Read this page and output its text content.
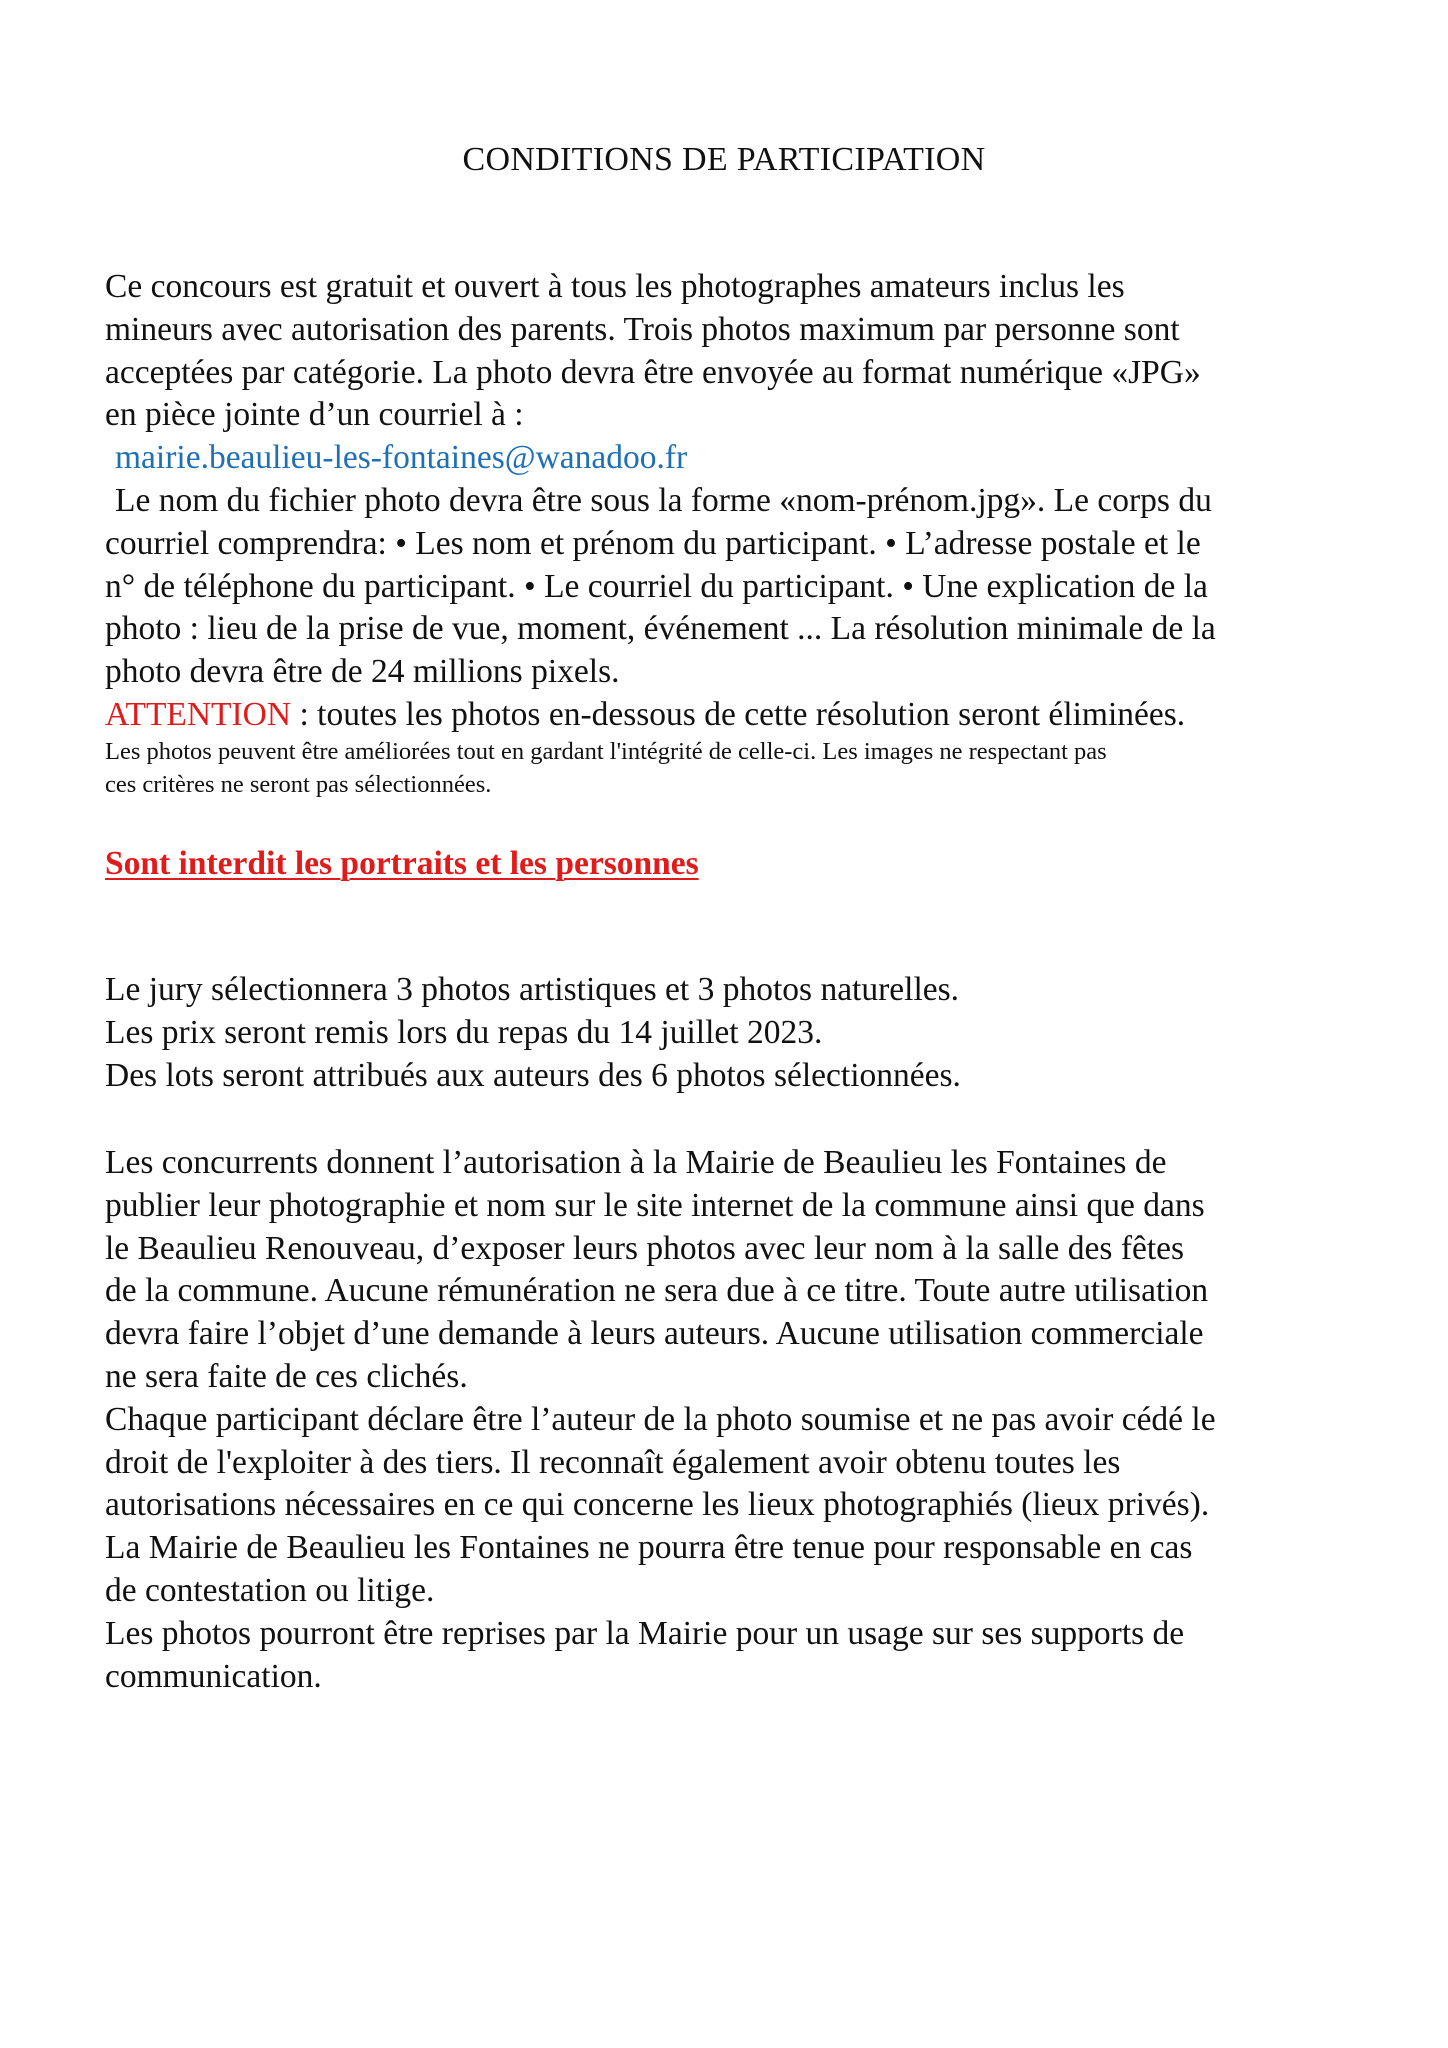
CONDITIONS DE PARTICIPATION

Ce concours est gratuit et ouvert à tous les photographes amateurs inclus les

mineurs avec autorisation des parents. Trois photos maximum par personne sont

acceptées par catégorie. La photo devra être envoyée au format numérique «JPG»

en pièce jointe d’un courriel à :

mairie.beaulieu-les-fontaines@wanadoo.fr

Le nom du fichier photo devra être sous la forme «nom-prénom.jpg». Le corps du

courriel comprendra: • Les nom et prénom du participant. • L’adresse postale et le

n° de téléphone du participant. • Le courriel du participant. • Une explication de la

photo : lieu de la prise de vue, moment, événement ... La résolution minimale de la

photo devra être de 24 millions pixels.

ATTENTION : toutes les photos en-dessous de cette résolution seront éliminées.

Les photos peuvent être améliorées tout en gardant l'intégrité de celle-ci. Les images ne respectant pas

ces critères ne seront pas sélectionnées.

Sont interdit les portraits et les personnes

Le jury sélectionnera 3 photos artistiques et 3 photos naturelles.

Les prix seront remis lors du repas du 14 juillet 2023.

Des lots seront attribués aux auteurs des 6 photos sélectionnées.

Les concurrents donnent l’autorisation à la Mairie de Beaulieu les Fontaines de

publier leur photographie et nom sur le site internet de la commune ainsi que dans

le Beaulieu Renouveau, d’exposer leurs photos avec leur nom à la salle des fêtes

de la commune. Aucune rémunération ne sera due à ce titre. Toute autre utilisation

devra faire l’objet d’une demande à leurs auteurs. Aucune utilisation commerciale

ne sera faite de ces clichés.

Chaque participant déclare être l’auteur de la photo soumise et ne pas avoir cédé le

droit de l'exploiter à des tiers. Il reconnaît également avoir obtenu toutes les

autorisations nécessaires en ce qui concerne les lieux photographiés (lieux privés).

La Mairie de Beaulieu les Fontaines ne pourra être tenue pour responsable en cas

de contestation ou litige.

Les photos pourront être reprises par la Mairie pour un usage sur ses supports de

communication.
